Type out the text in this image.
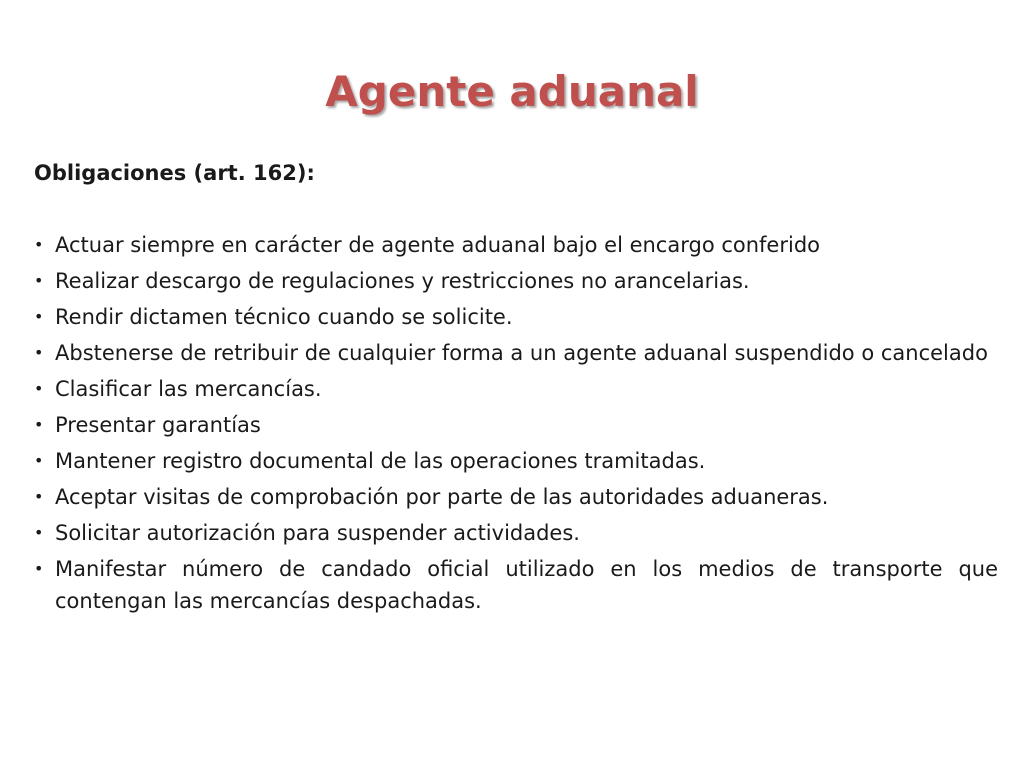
Agente aduanal

Obligaciones (art. 162):

• Actuar siempre en carácter de agente aduanal bajo el encargo conferido
• Realizar descargo de regulaciones y restricciones no arancelarias.
• Rendir dictamen técnico cuando se solicite.
• Abstenerse de retribuir de cualquier forma a un agente aduanal suspendido o cancelado
• Clasificar las mercancías.
• Presentar garantías
• Mantener registro documental de las operaciones tramitadas.
• Aceptar visitas de comprobación por parte de las autoridades aduaneras.
• Solicitar autorización para suspender actividades.
• Manifestar número de candado oficial utilizado en los medios de transporte que contengan las mercancías despachadas.
